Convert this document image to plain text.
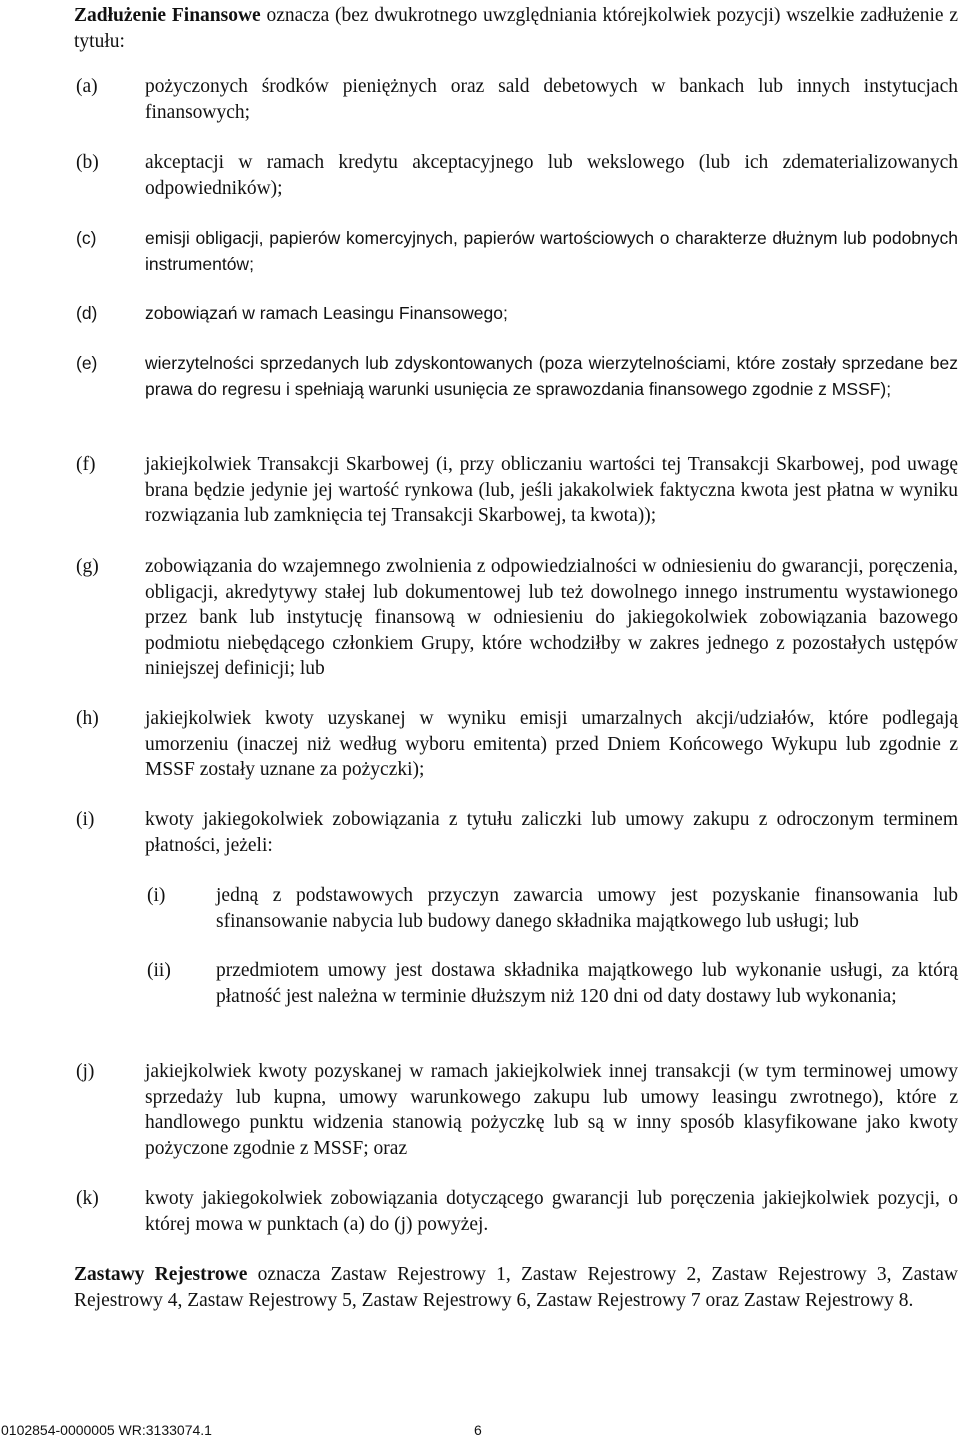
Zadłużenie Finansowe oznacza (bez dwukrotnego uwzględniania którejkolwiek pozycji) wszelkie zadłużenie z tytułu:

(a) pożyczonych środków pieniężnych oraz sald debetowych w bankach lub innych instytucjach finansowych;
(b) akceptacji w ramach kredytu akceptacyjnego lub wekslowego (lub ich zdematerializowanych odpowiedników);
(c)	emisji obligacji, papierów komercyjnych, papierów wartościowych o charakterze dłużnym lub podobnych instrumentów;
(d)	zobowiązań w ramach Leasingu Finansowego;
(e)	wierzytelności sprzedanych lub zdyskontowanych (poza wierzytelnościami, które zostały sprzedane bez prawa do regresu i spełniają warunki usunięcia ze sprawozdania finansowego zgodnie z MSSF);
(f)	jakiejkolwiek Transakcji Skarbowej (i, przy obliczaniu wartości tej Transakcji Skarbowej, pod uwagę brana będzie jedynie jej wartość rynkowa (lub, jeśli jakakolwiek faktyczna kwota jest płatna w wyniku rozwiązania lub zamknięcia tej Transakcji Skarbowej, ta kwota));
(g) zobowiązania do wzajemnego zwolnienia z odpowiedzialności w odniesieniu do gwarancji, poręczenia, obligacji, akredytywy stałej lub dokumentowej lub też dowolnego innego instrumentu wystawionego przez bank lub instytucję finansową w odniesieniu do jakiegokolwiek zobowiązania bazowego podmiotu niebędącego członkiem Grupy, które wchodziłby w zakres jednego z pozostałych ustępów niniejszej definicji; lub
(h) jakiejkolwiek kwoty uzyskanej w wyniku emisji umarzalnych akcji/udziałów, które podlegają umorzeniu (inaczej niż według wyboru emitenta) przed Dniem Końcowego Wykupu lub zgodnie z MSSF zostały uznane za pożyczki);
(i)	kwoty jakiegokolwiek zobowiązania z tytułu zaliczki lub umowy zakupu z odroczonym terminem płatności, jeżeli:
(i)	jedną z podstawowych przyczyn zawarcia umowy jest pozyskanie finansowania lub sfinansowanie nabycia lub budowy danego składnika majątkowego lub usługi; lub
(ii) przedmiotem umowy jest dostawa składnika majątkowego lub wykonanie usługi, za którą płatność jest należna w terminie dłuższym niż 120 dni od daty dostawy lub wykonania;
(j)	jakiejkolwiek kwoty pozyskanej w ramach jakiejkolwiek innej transakcji (w tym terminowej umowy sprzedaży lub kupna, umowy warunkowego zakupu lub umowy leasingu zwrotnego), które z handlowego punktu widzenia stanowią pożyczkę lub są w inny sposób klasyfikowane jako kwoty pożyczone zgodnie z MSSF; oraz
(k) kwoty jakiegokolwiek zobowiązania dotyczącego gwarancji lub poręczenia jakiejkolwiek pozycji, o której mowa w punktach (a) do (j) powyżej.

Zastawy Rejestrowe oznacza Zastaw Rejestrowy 1, Zastaw Rejestrowy 2, Zastaw Rejestrowy 3, Zastaw Rejestrowy 4, Zastaw Rejestrowy 5, Zastaw Rejestrowy 6, Zastaw Rejestrowy 7 oraz Zastaw Rejestrowy 8.

0102854-0000005 WR:3133074.1	6
